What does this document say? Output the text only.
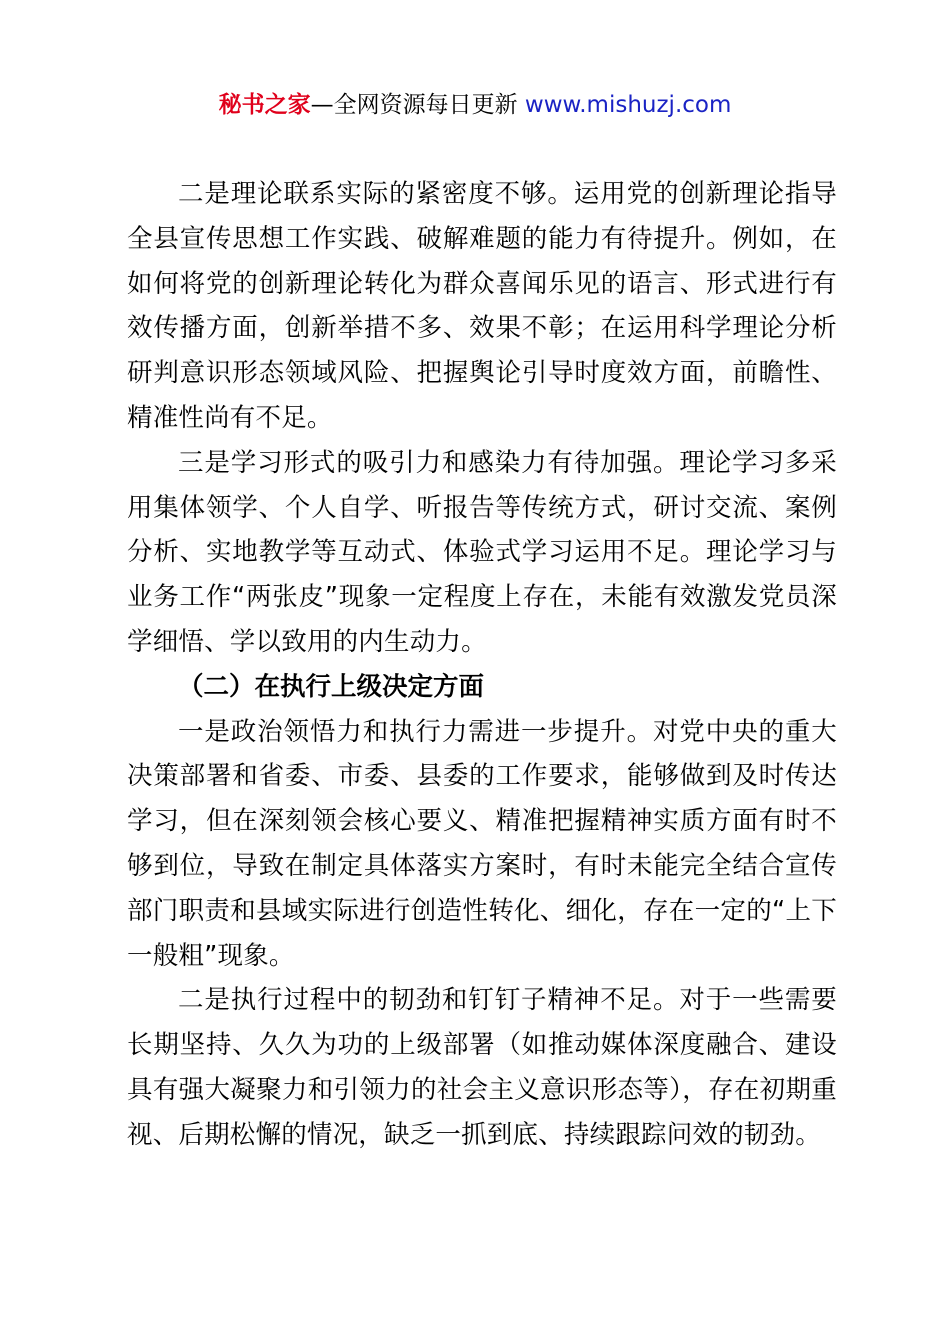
秘书之家—全网资源每日更新 www.mishuzj.com

二是理论联系实际的紧密度不够。运用党的创新理论指导全县宣传思想工作实践、破解难题的能力有待提升。例如，在如何将党的创新理论转化为群众喜闻乐见的语言、形式进行有效传播方面，创新举措不多、效果不彰；在运用科学理论分析研判意识形态领域风险、把握舆论引导时度效方面，前瞻性、精准性尚有不足。

三是学习形式的吸引力和感染力有待加强。理论学习多采用集体领学、个人自学、听报告等传统方式，研讨交流、案例分析、实地教学等互动式、体验式学习运用不足。理论学习与业务工作“两张皮”现象一定程度上存在，未能有效激发党员深学细悟、学以致用的内生动力。

（二）在执行上级决定方面

一是政治领悟力和执行力需进一步提升。对党中央的重大决策部署和省委、市委、县委的工作要求，能够做到及时传达学习，但在深刻领会核心要义、精准把握精神实质方面有时不够到位，导致在制定具体落实方案时，有时未能完全结合宣传部门职责和县域实际进行创造性转化、细化，存在一定的“上下一般粗”现象。

二是执行过程中的韧劲和钉钉子精神不足。对于一些需要长期坚持、久久为功的上级部署（如推动媒体深度融合、建设具有强大凝聚力和引领力的社会主义意识形态等），存在初期重视、后期松懈的情况，缺乏一抓到底、持续跟踪问效的韧劲。
